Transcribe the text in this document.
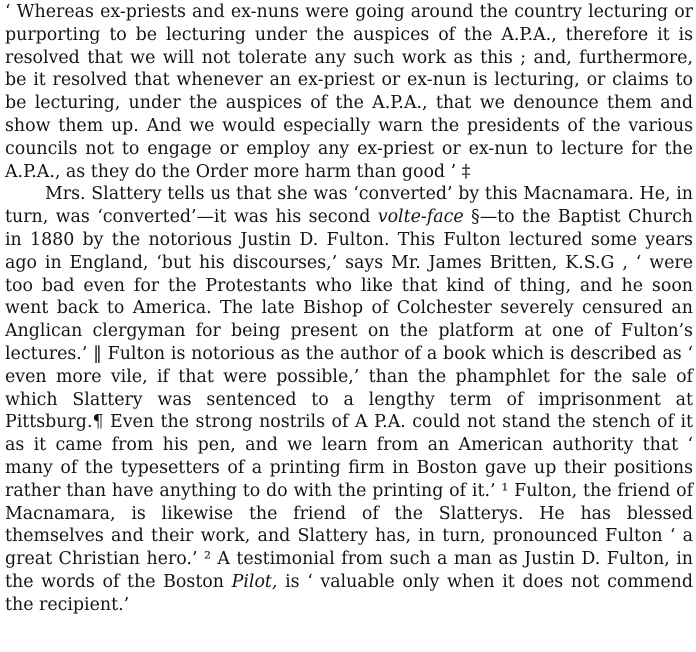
‘ Whereas ex-priests and ex-nuns were going around the country lecturing or purporting to be lecturing under the auspices of the A.P.A., therefore it is resolved that we will not tolerate any such work as this ; and, furthermore, be it resolved that whenever an ex-priest or ex-nun is lecturing, or claims to be lecturing, under the auspices of the A.P.A., that we denounce them and show them up. And we would especially warn the presidents of the various councils not to engage or employ any ex-priest or ex-nun to lecture for the A.P.A., as they do the Order more harm than good ’ ‡

Mrs. Slattery tells us that she was ‘converted’ by this Macnamara. He, in turn, was ‘converted’—it was his second volte-face §—to the Baptist Church in 1880 by the notorious Justin D. Fulton. This Fulton lectured some years ago in England, ‘but his discourses,’ says Mr. James Britten, K.S.G , ‘ were too bad even for the Protestants who like that kind of thing, and he soon went back to America. The late Bishop of Colchester severely censured an Anglican clergyman for being present on the platform at one of Fulton’s lectures.’ ‖ Fulton is notorious as the author of a book which is described as ‘ even more vile, if that were possible,’ than the phamphlet for the sale of which Slattery was sentenced to a lengthy term of imprisonment at Pittsburg.¶ Even the strong nostrils of A P.A. could not stand the stench of it as it came from his pen, and we learn from an American authority that ‘ many of the typesetters of a printing firm in Boston gave up their positions rather than have anything to do with the printing of it.’ ¹ Fulton, the friend of Macnamara, is likewise the friend of the Slatterys. He has blessed themselves and their work, and Slattery has, in turn, pronounced Fulton ‘ a great Christian hero.’ ² A testimonial from such a man as Justin D. Fulton, in the words of the Boston Pilot, is ‘ valuable only when it does not commend the recipient.’
